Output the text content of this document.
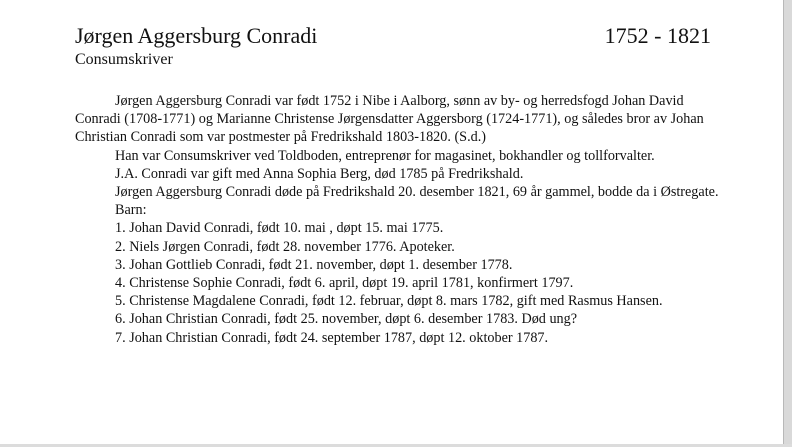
Jørgen Aggersburg Conradi	1752 - 1821
Consumskriver

Jørgen Aggersburg Conradi var født 1752 i Nibe i Aalborg, sønn av by- og herredsfogd Johan David Conradi (1708-1771) og Marianne Christense Jørgensdatter Aggersborg (1724-1771), og således bror av Johan Christian Conradi som var postmester på Fredrikshald 1803-1820. (S.d.)

Han var Consumskriver ved Toldboden, entreprenør for magasinet, bokhandler og tollforvalter.

J.A. Conradi var gift med Anna Sophia Berg, død 1785 på Fredrikshald.

Jørgen Aggersburg Conradi døde på Fredrikshald 20. desember 1821, 69 år gammel, bodde da i Østregate.

Barn:

1. Johan David Conradi, født 10. mai , døpt 15. mai 1775.

2. Niels Jørgen Conradi, født 28. november 1776. Apoteker.

3. Johan Gottlieb Conradi, født 21. november, døpt 1. desember 1778.

4. Christense Sophie Conradi, født 6. april, døpt 19. april 1781, konfirmert 1797.

5. Christense Magdalene Conradi, født 12. februar, døpt 8. mars 1782, gift med Rasmus Hansen.

6. Johan Christian Conradi, født 25. november, døpt 6. desember 1783. Død ung?

7. Johan Christian Conradi, født 24. september 1787, døpt 12. oktober 1787.
